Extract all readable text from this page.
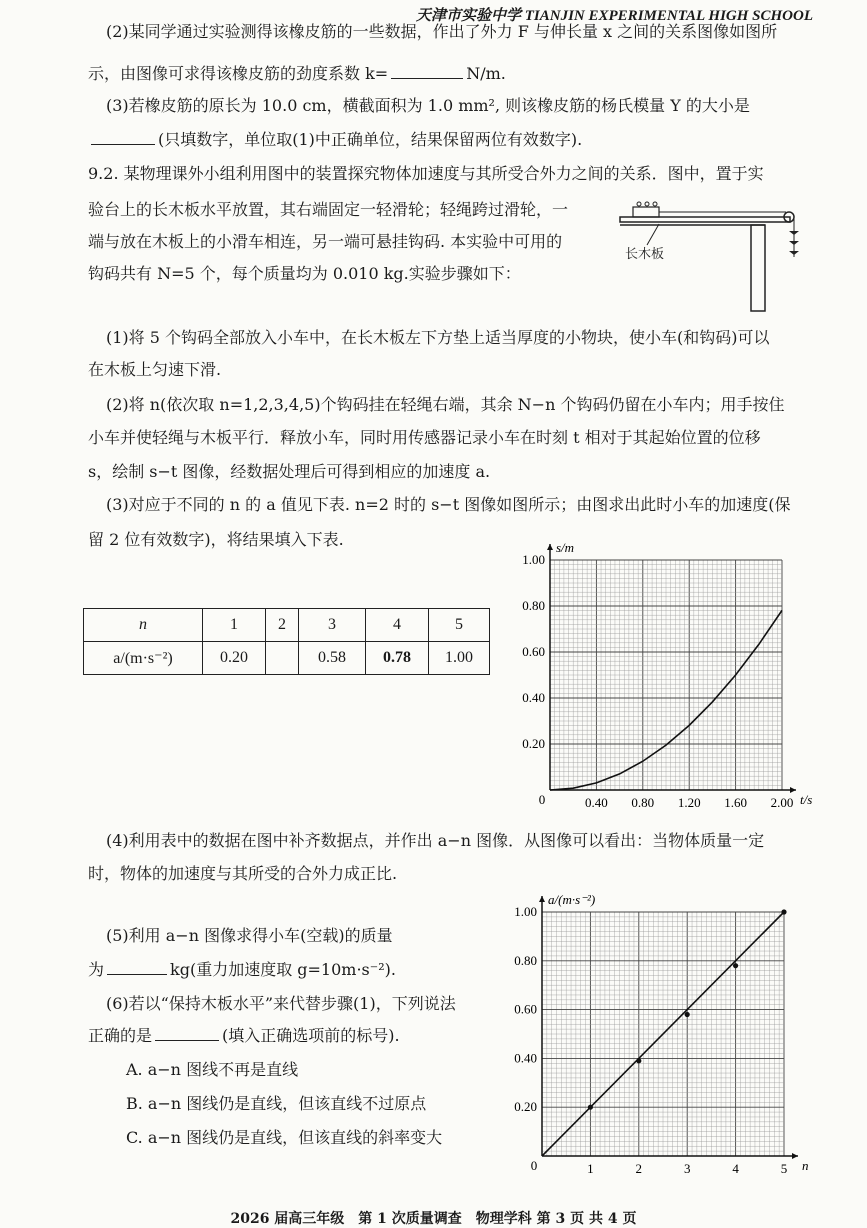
天津市实验中学 TIANJIN EXPERIMENTAL HIGH SCHOOL
(2)某同学通过实验测得该橡皮筋的一些数据，作出了外力 F 与伸长量 x 之间的关系图像如图所
示，由图像可求得该橡皮筋的劲度系数 k=	N/m.
(3)若橡皮筋的原长为 10.0 cm，横截面积为 1.0 mm², 则该橡皮筋的杨氏模量 Y 的大小是
(只填数字，单位取(1)中正确单位，结果保留两位有效数字).
9.2. 某物理课外小组利用图中的装置探究物体加速度与其所受合外力之间的关系．图中，置于实
验台上的长木板水平放置，其右端固定一轻滑轮；轻绳跨过滑轮，一
端与放在木板上的小滑车相连，另一端可悬挂钩码. 本实验中可用的
钩码共有 N=5 个，每个质量均为 0.010 kg.实验步骤如下：
长木板
(1)将 5 个钩码全部放入小车中，在长木板左下方垫上适当厚度的小物块，使小车(和钩码)可以
在木板上匀速下滑.
(2)将 n(依次取 n=1,2,3,4,5)个钩码挂在轻绳右端，其余 N−n 个钩码仍留在小车内；用手按住
小车并使轻绳与木板平行．释放小车，同时用传感器记录小车在时刻 t 相对于其起始位置的位移
s，绘制 s−t 图像，经数据处理后可得到相应的加速度 a.
(3)对应于不同的 n 的 a 值见下表. n=2 时的 s−t 图像如图所示；由图求出此时小车的加速度(保
留 2 位有效数字)，将结果填入下表.
n	1	2	3	4	5
a/(m·s⁻²)	0.20		0.58	0.78	1.00
0.40 0.80 1.20 1.60 2.00
0.20
0.40
0.60
0.80
1.00
0	t/s
s/m
(4)利用表中的数据在图中补齐数据点，并作出 a−n 图像．从图像可以看出：当物体质量一定
时，物体的加速度与其所受的合外力成正比.
(5)利用 a−n 图像求得小车(空载)的质量
为	kg(重力加速度取 g=10m·s⁻²).
(6)若以“保持木板水平”来代替步骤(1)，下列说法
正确的是	(填入正确选项前的标号).
A. a−n 图线不再是直线
B. a−n 图线仍是直线，但该直线不过原点
C. a−n 图线仍是直线，但该直线的斜率变大
1	2	3	4	5
0.20
0.40
0.60
0.80
1.00
0	n
a/(m·s⁻²)
2026 届高三年级　第 1 次质量调查　物理学科 第 3 页 共 4 页
